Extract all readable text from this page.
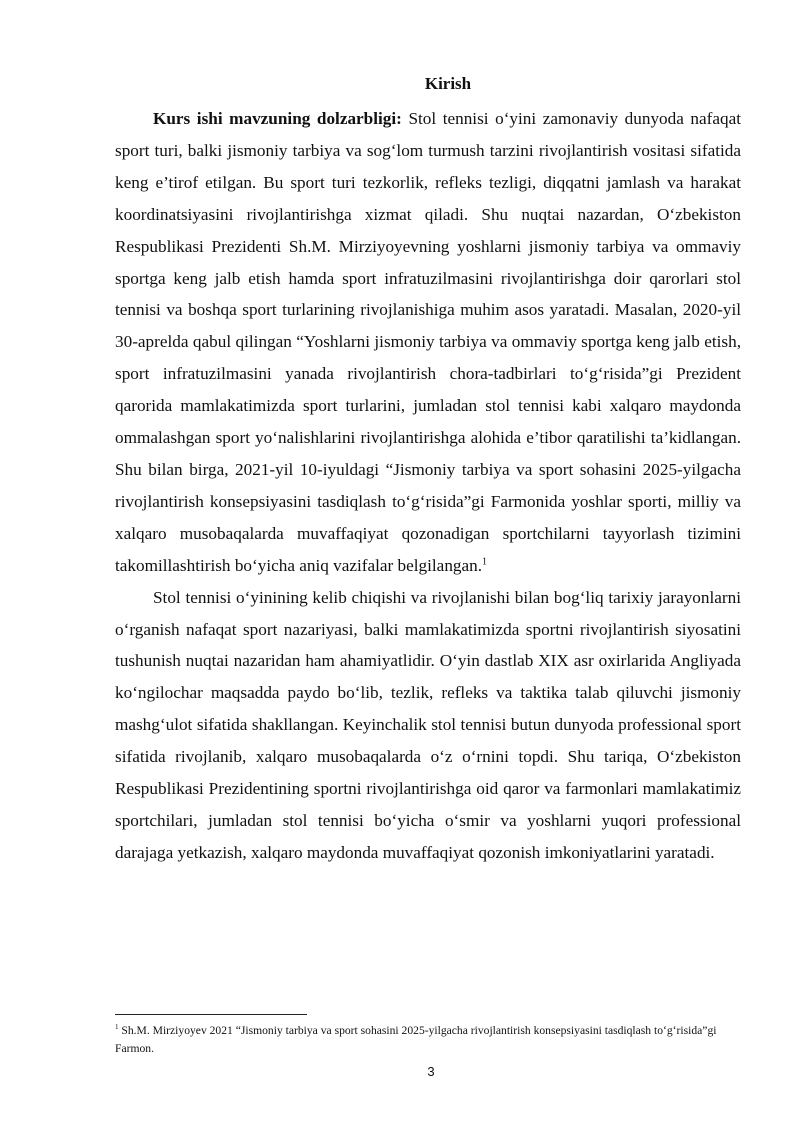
Kirish

Kurs ishi mavzuning dolzarbligi: Stol tennisi o‘yini zamonaviy dunyoda nafaqat sport turi, balki jismoniy tarbiya va sog‘lom turmush tarzini rivojlantirish vositasi sifatida keng e’tirof etilgan. Bu sport turi tezkorlik, refleks tezligi, diqqatni jamlash va harakat koordinatsiyasini rivojlantirishga xizmat qiladi. Shu nuqtai nazardan, O‘zbekiston Respublikasi Prezidenti Sh.M. Mirziyoyevning yoshlarni jismoniy tarbiya va ommaviy sportga keng jalb etish hamda sport infratuzilmasini rivojlantirishga doir qarorlari stol tennisi va boshqa sport turlarining rivojlanishiga muhim asos yaratadi. Masalan, 2020-yil 30-aprelda qabul qilingan “Yoshlarni jismoniy tarbiya va ommaviy sportga keng jalb etish, sport infratuzilmasini yanada rivojlantirish chora-tadbirlari to‘g‘risida”gi Prezident qarorida mamlakatimizda sport turlarini, jumladan stol tennisi kabi xalqaro maydonda ommalashgan sport yo‘nalishlarini rivojlantirishga alohida e’tibor qaratilishi ta’kidlangan. Shu bilan birga, 2021-yil 10-iyuldagi “Jismoniy tarbiya va sport sohasini 2025-yilgacha rivojlantirish konsepsiyasini tasdiqlash to‘g‘risida”gi Farmonida yoshlar sporti, milliy va xalqaro musobaqalarda muvaffaqiyat qozonadigan sportchilarni tayyorlash tizimini takomillashtirish bo‘yicha aniq vazifalar belgilangan.$^1$

Stol tennisi o‘yinining kelib chiqishi va rivojlanishi bilan bog‘liq tarixiy jarayonlarni o‘rganish nafaqat sport nazariyasi, balki mamlakatimizda sportni rivojlantirish siyosatini tushunish nuqtai nazaridan ham ahamiyatlidir. O‘yin dastlab XIX asr oxirlarida Angliyada ko‘ngilochar maqsadda paydo bo‘lib, tezlik, refleks va taktika talab qiluvchi jismoniy mashg‘ulot sifatida shakllangan. Keyinchalik stol tennisi butun dunyoda professional sport sifatida rivojlanib, xalqaro musobaqalarda o‘z o‘rnini topdi. Shu tariqa, O‘zbekiston Respublikasi Prezidentining sportni rivojlantirishga oid qaror va farmonlari mamlakatimiz sportchilari, jumladan stol tennisi bo‘yicha o‘smir va yoshlarni yuqori professional darajaga yetkazish, xalqaro maydonda muvaffaqiyat qozonish imkoniyatlarini yaratadi.

$^1$ Sh.M. Mirziyoyev 2021 “Jismoniy tarbiya va sport sohasini 2025-yilgacha rivojlantirish konsepsiyasini tasdiqlash to‘g‘risida”gi Farmon.

3
